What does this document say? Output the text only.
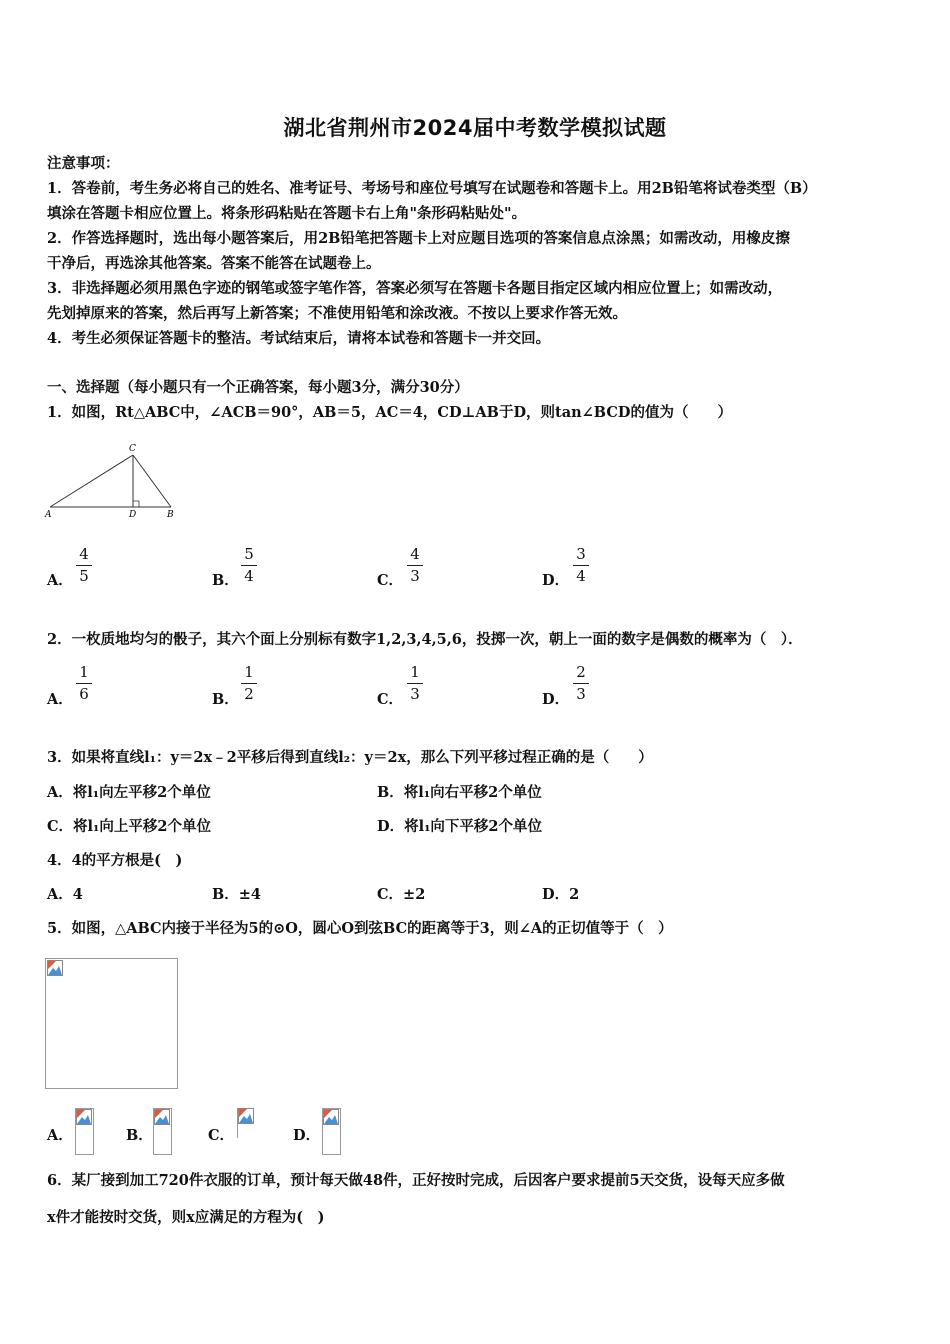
湖北省荆州市2024届中考数学模拟试题
注意事项：
1．答卷前，考生务必将自己的姓名、准考证号、考场号和座位号填写在试题卷和答题卡上。用2B铅笔将试卷类型（B）
填涂在答题卡相应位置上。将条形码粘贴在答题卡右上角"条形码粘贴处"。
2．作答选择题时，选出每小题答案后，用2B铅笔把答题卡上对应题目选项的答案信息点涂黑；如需改动，用橡皮擦
干净后，再选涂其他答案。答案不能答在试题卷上。
3．非选择题必须用黑色字迹的钢笔或签字笔作答，答案必须写在答题卡各题目指定区域内相应位置上；如需改动，
先划掉原来的答案，然后再写上新答案；不准使用铅笔和涂改液。不按以上要求作答无效。
4．考生必须保证答题卡的整洁。考试结束后，请将本试卷和答题卡一并交回。
一、选择题（每小题只有一个正确答案，每小题3分，满分30分）
1．如图，Rt△ABC中，∠ACB＝90°，AB＝5，AC＝4，CD⊥AB于D，则tan∠BCD的值为（　　）
A	B
C
D
A．
4
5	B．
5
4	C．
4
3	D．
3
4
2．一枚质地均匀的骰子，其六个面上分别标有数字1,2,3,4,5,6，投掷一次，朝上一面的数字是偶数的概率为（　）．
A．
1
6	B．
1
2	C．
1
3	D．
2
3
3．如果将直线l₁：y＝2x﹣2平移后得到直线l₂：y＝2x，那么下列平移过程正确的是（　　）
A．将l₁向左平移2个单位	B．将l₁向右平移2个单位
C．将l₁向上平移2个单位	D．将l₁向下平移2个单位
4．4的平方根是(　)
A．4	B．±4	C．±2	D．2
5．如图，△ABC内接于半径为5的⊙O，圆心O到弦BC的距离等于3，则∠A的正切值等于（　）
A．	B．	C．	D．
6．某厂接到加工720件衣服的订单，预计每天做48件，正好按时完成，后因客户要求提前5天交货，设每天应多做
x件才能按时交货，则x应满足的方程为(　)
